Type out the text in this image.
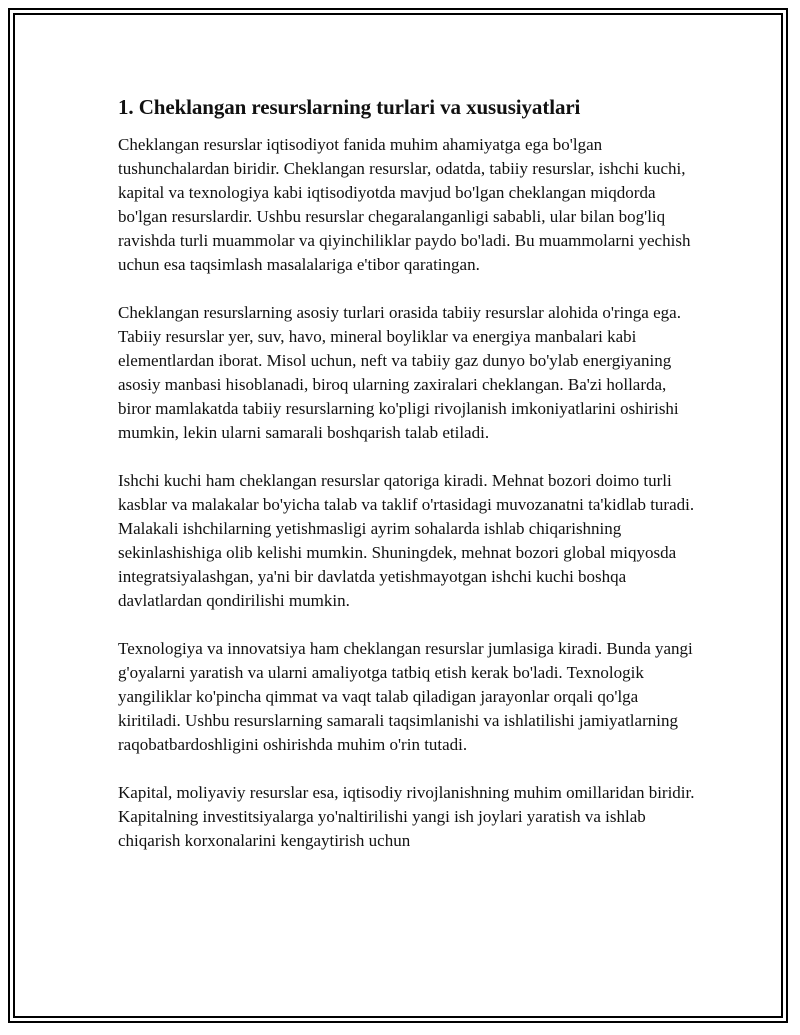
1. Cheklangan resurslarning turlari va xususiyatlari

Cheklangan resurslar iqtisodiyot fanida muhim ahamiyatga ega bo'lgan tushunchalardan biridir. Cheklangan resurslar, odatda, tabiiy resurslar, ishchi kuchi, kapital va texnologiya kabi iqtisodiyotda mavjud bo'lgan cheklangan miqdorda bo'lgan resurslardir. Ushbu resurslar chegaralanganligi sababli, ular bilan bog'liq ravishda turli muammolar va qiyinchiliklar paydo bo'ladi. Bu muammolarni yechish uchun esa taqsimlash masalalariga e'tibor qaratingan.

Cheklangan resurslarning asosiy turlari orasida tabiiy resurslar alohida o'ringa ega. Tabiiy resurslar yer, suv, havo, mineral boyliklar va energiya manbalari kabi elementlardan iborat. Misol uchun, neft va tabiiy gaz dunyo bo'ylab energiyaning asosiy manbasi hisoblanadi, biroq ularning zaxiralari cheklangan. Ba'zi hollarda, biror mamlakatda tabiiy resurslarning ko'pligi rivojlanish imkoniyatlarini oshirishi mumkin, lekin ularni samarali boshqarish talab etiladi.

Ishchi kuchi ham cheklangan resurslar qatoriga kiradi. Mehnat bozori doimo turli kasblar va malakalar bo'yicha talab va taklif o'rtasidagi muvozanatni ta'kidlab turadi. Malakali ishchilarning yetishmasligi ayrim sohalarda ishlab chiqarishning sekinlashishiga olib kelishi mumkin. Shuningdek, mehnat bozori global miqyosda integratsiyalashgan, ya'ni bir davlatda yetishmayotgan ishchi kuchi boshqa davlatlardan qondirilishi mumkin.

Texnologiya va innovatsiya ham cheklangan resurslar jumlasiga kiradi. Bunda yangi g'oyalarni yaratish va ularni amaliyotga tatbiq etish kerak bo'ladi. Texnologik yangiliklar ko'pincha qimmat va vaqt talab qiladigan jarayonlar orqali qo'lga kiritiladi. Ushbu resurslarning samarali taqsimlanishi va ishlatilishi jamiyatlarning raqobatbardoshligini oshirishda muhim o'rin tutadi.

Kapital, moliyaviy resurslar esa, iqtisodiy rivojlanishning muhim omillaridan biridir. Kapitalning investitsiyalarga yo'naltirilishi yangi ish joylari yaratish va ishlab chiqarish korxonalarini kengaytirish uchun
